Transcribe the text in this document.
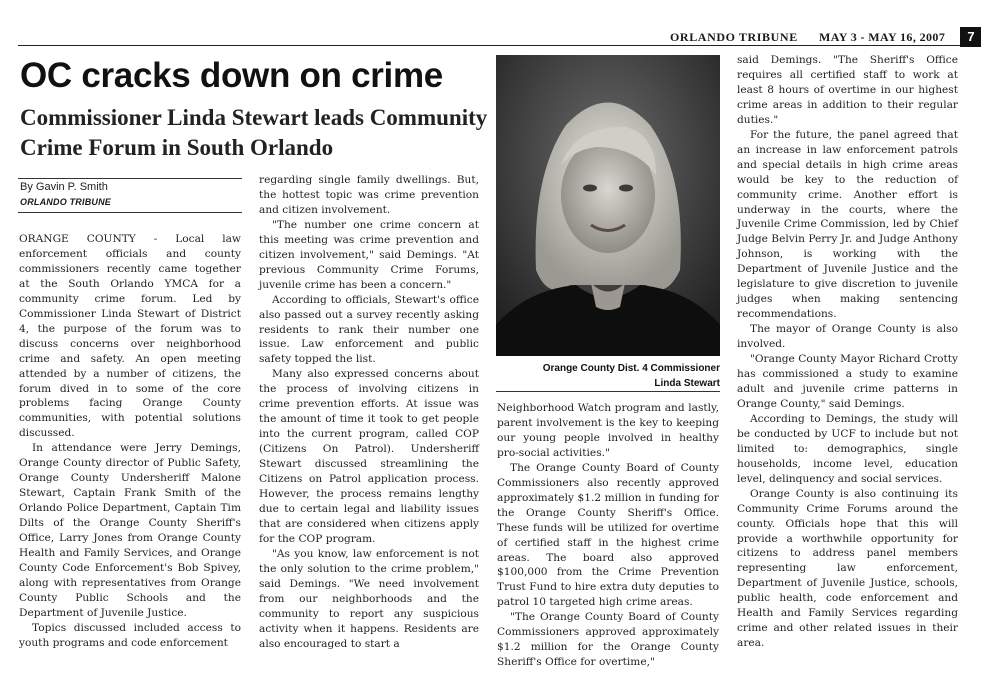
ORLANDO TRIBUNE MAY 3 - MAY 16, 2007	7
OC cracks down on crime
Commissioner Linda Stewart leads Community Crime Forum in South Orlando
By Gavin P. Smith
ORLANDO TRIBUNE

ORANGE COUNTY - Local law enforcement officials and county commissioners recently came together at the South Orlando YMCA for a community crime forum. Led by Commissioner Linda Stewart of District 4, the purpose of the forum was to discuss concerns over neighborhood crime and safety. An open meeting attended by a number of citizens, the forum dived in to some of the core problems facing Orange County communities, with potential solutions discussed.

In attendance were Jerry Demings, Orange County director of Public Safety, Orange County Undersheriff Malone Stewart, Captain Frank Smith of the Orlando Police Department, Captain Tim Dilts of the Orange County Sheriff's Office, Larry Jones from Orange County Health and Family Services, and Orange County Code Enforcement's Bob Spivey, along with representatives from Orange County Public Schools and the Department of Juvenile Justice.

Topics discussed included access to youth programs and code enforcement

regarding single family dwellings. But, the hottest topic was crime prevention and citizen involvement.

"The number one crime concern at this meeting was crime prevention and citizen involvement," said Demings. "At previous Community Crime Forums, juvenile crime has been a concern."

According to officials, Stewart's office also passed out a survey recently asking residents to rank their number one issue. Law enforcement and public safety topped the list.

Many also expressed concerns about the process of involving citizens in crime prevention efforts. At issue was the amount of time it took to get people into the current program, called COP (Citizens On Patrol). Undersheriff Stewart discussed streamlining the Citizens on Patrol application process. However, the process remains lengthy due to certain legal and liability issues that are considered when citizens apply for the COP program.

"As you know, law enforcement is not the only solution to the crime problem," said Demings. "We need involvement from our neighborhoods and the community to report any suspicious activity when it happens. Residents are also encouraged to start a

Orange County Dist. 4 Commissioner
Linda Stewart

Neighborhood Watch program and lastly, parent involvement is the key to keeping our young people involved in healthy pro-social activities."

The Orange County Board of County Commissioners also recently approved approximately $1.2 million in funding for the Orange County Sheriff's Office. These funds will be utilized for overtime of certified staff in the highest crime areas. The board also approved $100,000 from the Crime Prevention Trust Fund to hire extra duty deputies to patrol 10 targeted high crime areas.

"The Orange County Board of County Commissioners approved approximately $1.2 million for the Orange County Sheriff's Office for overtime,"

said Demings. "The Sheriff's Office requires all certified staff to work at least 8 hours of overtime in our highest crime areas in addition to their regular duties."

For the future, the panel agreed that an increase in law enforcement patrols and special details in high crime areas would be key to the reduction of community crime. Another effort is underway in the courts, where the Juvenile Crime Commission, led by Chief Judge Belvin Perry Jr. and Judge Anthony Johnson, is working with the Department of Juvenile Justice and the legislature to give discretion to juvenile judges when making sentencing recommendations.

The mayor of Orange County is also involved.

"Orange County Mayor Richard Crotty has commissioned a study to examine adult and juvenile crime patterns in Orange County," said Demings.

According to Demings, the study will be conducted by UCF to include but not limited to: demographics, single households, income level, education level, delinquency and social services.

Orange County is also continuing its Community Crime Forums around the county. Officials hope that this will provide a worthwhile opportunity for citizens to address panel members representing law enforcement, Department of Juvenile Justice, schools, public health, code enforcement and Health and Family Services regarding crime and other related issues in their area.
